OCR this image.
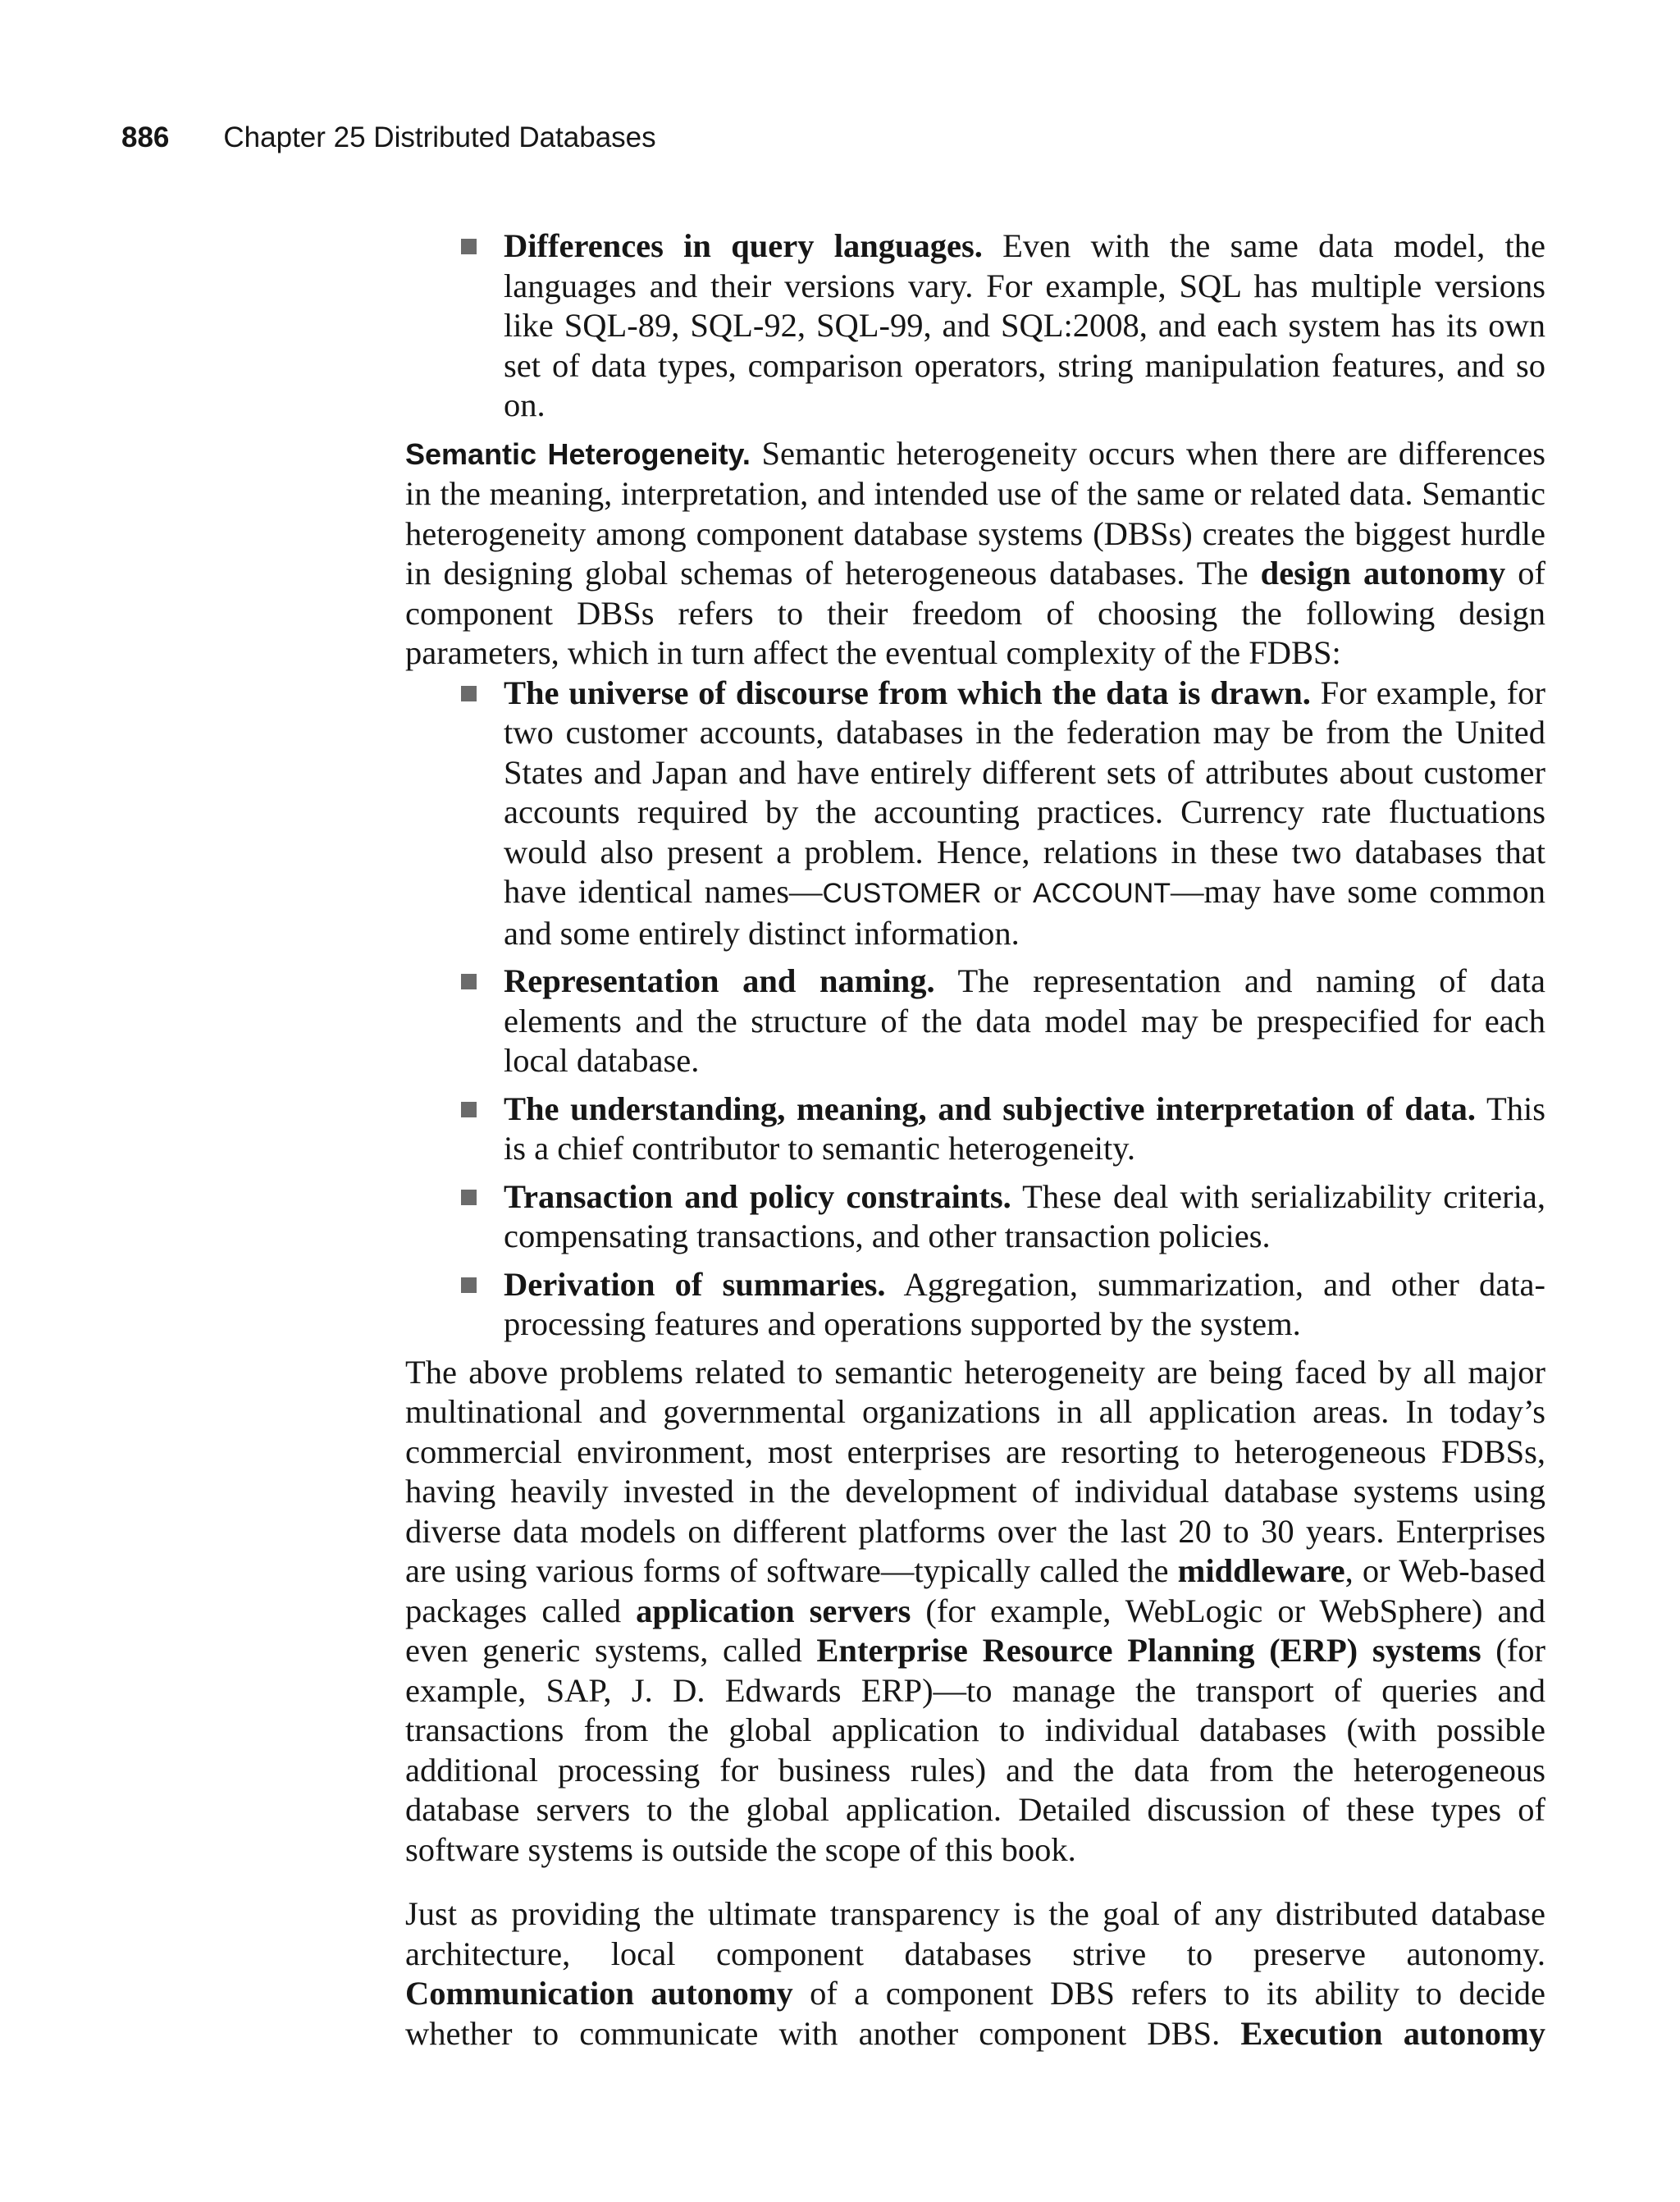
886 Chapter 25 Distributed Databases
Differences in query languages. Even with the same data model, the languages and their versions vary. For example, SQL has multiple versions like SQL-89, SQL-92, SQL-99, and SQL:2008, and each system has its own set of data types, comparison operators, string manipulation features, and so on.

Semantic Heterogeneity. Semantic heterogeneity occurs when there are differences in the meaning, interpretation, and intended use of the same or related data. Semantic heterogeneity among component database systems (DBSs) creates the biggest hurdle in designing global schemas of heterogeneous databases. The design autonomy of component DBSs refers to their freedom of choosing the following design parameters, which in turn affect the eventual complexity of the FDBS:

The universe of discourse from which the data is drawn. For example, for two customer accounts, databases in the federation may be from the United States and Japan and have entirely different sets of attributes about customer accounts required by the accounting practices. Currency rate fluctuations would also present a problem. Hence, relations in these two databases that have identical names—CUSTOMER or ACCOUNT—may have some common and some entirely distinct information.
Representation and naming. The representation and naming of data elements and the structure of the data model may be prespecified for each local database.
The understanding, meaning, and subjective interpretation of data. This is a chief contributor to semantic heterogeneity.
Transaction and policy constraints. These deal with serializability criteria, compensating transactions, and other transaction policies.
Derivation of summaries. Aggregation, summarization, and other data-processing features and operations supported by the system.

The above problems related to semantic heterogeneity are being faced by all major multinational and governmental organizations in all application areas. In today’s commercial environment, most enterprises are resorting to heterogeneous FDBSs, having heavily invested in the development of individual database systems using diverse data models on different platforms over the last 20 to 30 years. Enterprises are using various forms of software—typically called the middleware, or Web-based packages called application servers (for example, WebLogic or WebSphere) and even generic systems, called Enterprise Resource Planning (ERP) systems (for example, SAP, J. D. Edwards ERP)—to manage the transport of queries and transactions from the global application to individual databases (with possible additional processing for business rules) and the data from the heterogeneous database servers to the global application. Detailed discussion of these types of software systems is outside the scope of this book.

Just as providing the ultimate transparency is the goal of any distributed database architecture, local component databases strive to preserve autonomy. Communication autonomy of a component DBS refers to its ability to decide whether to communicate with another component DBS. Execution autonomy
